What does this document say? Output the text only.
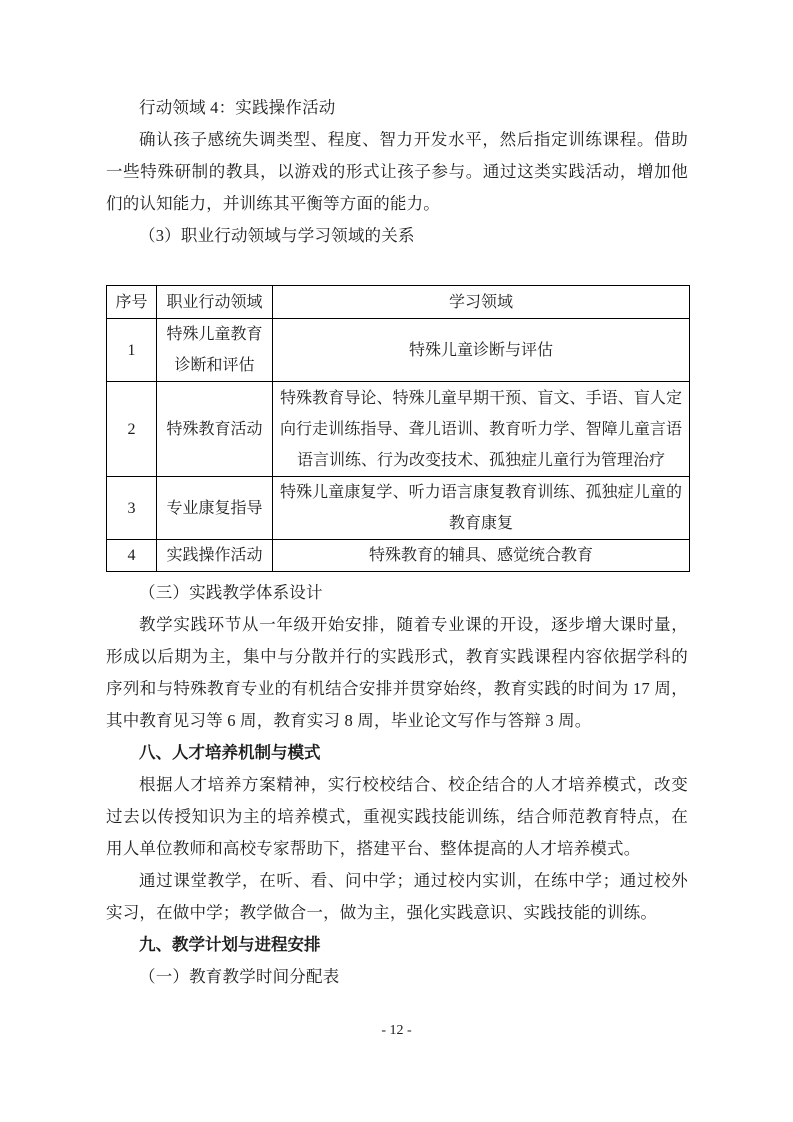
行动领域 4：实践操作活动

确认孩子感统失调类型、程度、智力开发水平，然后指定训练课程。借助一些特殊研制的教具，以游戏的形式让孩子参与。通过这类实践活动，增加他们的认知能力，并训练其平衡等方面的能力。

（3）职业行动领域与学习领域的关系

序号	职业行动领域	学习领域
1	特殊儿童教育诊断和评估	特殊儿童诊断与评估
2	特殊教育活动	特殊教育导论、特殊儿童早期干预、盲文、手语、盲人定向行走训练指导、聋儿语训、教育听力学、智障儿童言语语言训练、行为改变技术、孤独症儿童行为管理治疗
3	专业康复指导	特殊儿童康复学、听力语言康复教育训练、孤独症儿童的教育康复
4	实践操作活动	特殊教育的辅具、感觉统合教育

（三）实践教学体系设计

教学实践环节从一年级开始安排，随着专业课的开设，逐步增大课时量，形成以后期为主，集中与分散并行的实践形式，教育实践课程内容依据学科的序列和与特殊教育专业的有机结合安排并贯穿始终，教育实践的时间为 17 周，其中教育见习等 6 周，教育实习 8 周，毕业论文写作与答辩 3 周。

八、人才培养机制与模式

根据人才培养方案精神，实行校校结合、校企结合的人才培养模式，改变过去以传授知识为主的培养模式，重视实践技能训练，结合师范教育特点，在用人单位教师和高校专家帮助下，搭建平台、整体提高的人才培养模式。

通过课堂教学，在听、看、问中学；通过校内实训，在练中学；通过校外实习，在做中学；教学做合一，做为主，强化实践意识、实践技能的训练。

九、教学计划与进程安排

（一）教育教学时间分配表

- 12 -
